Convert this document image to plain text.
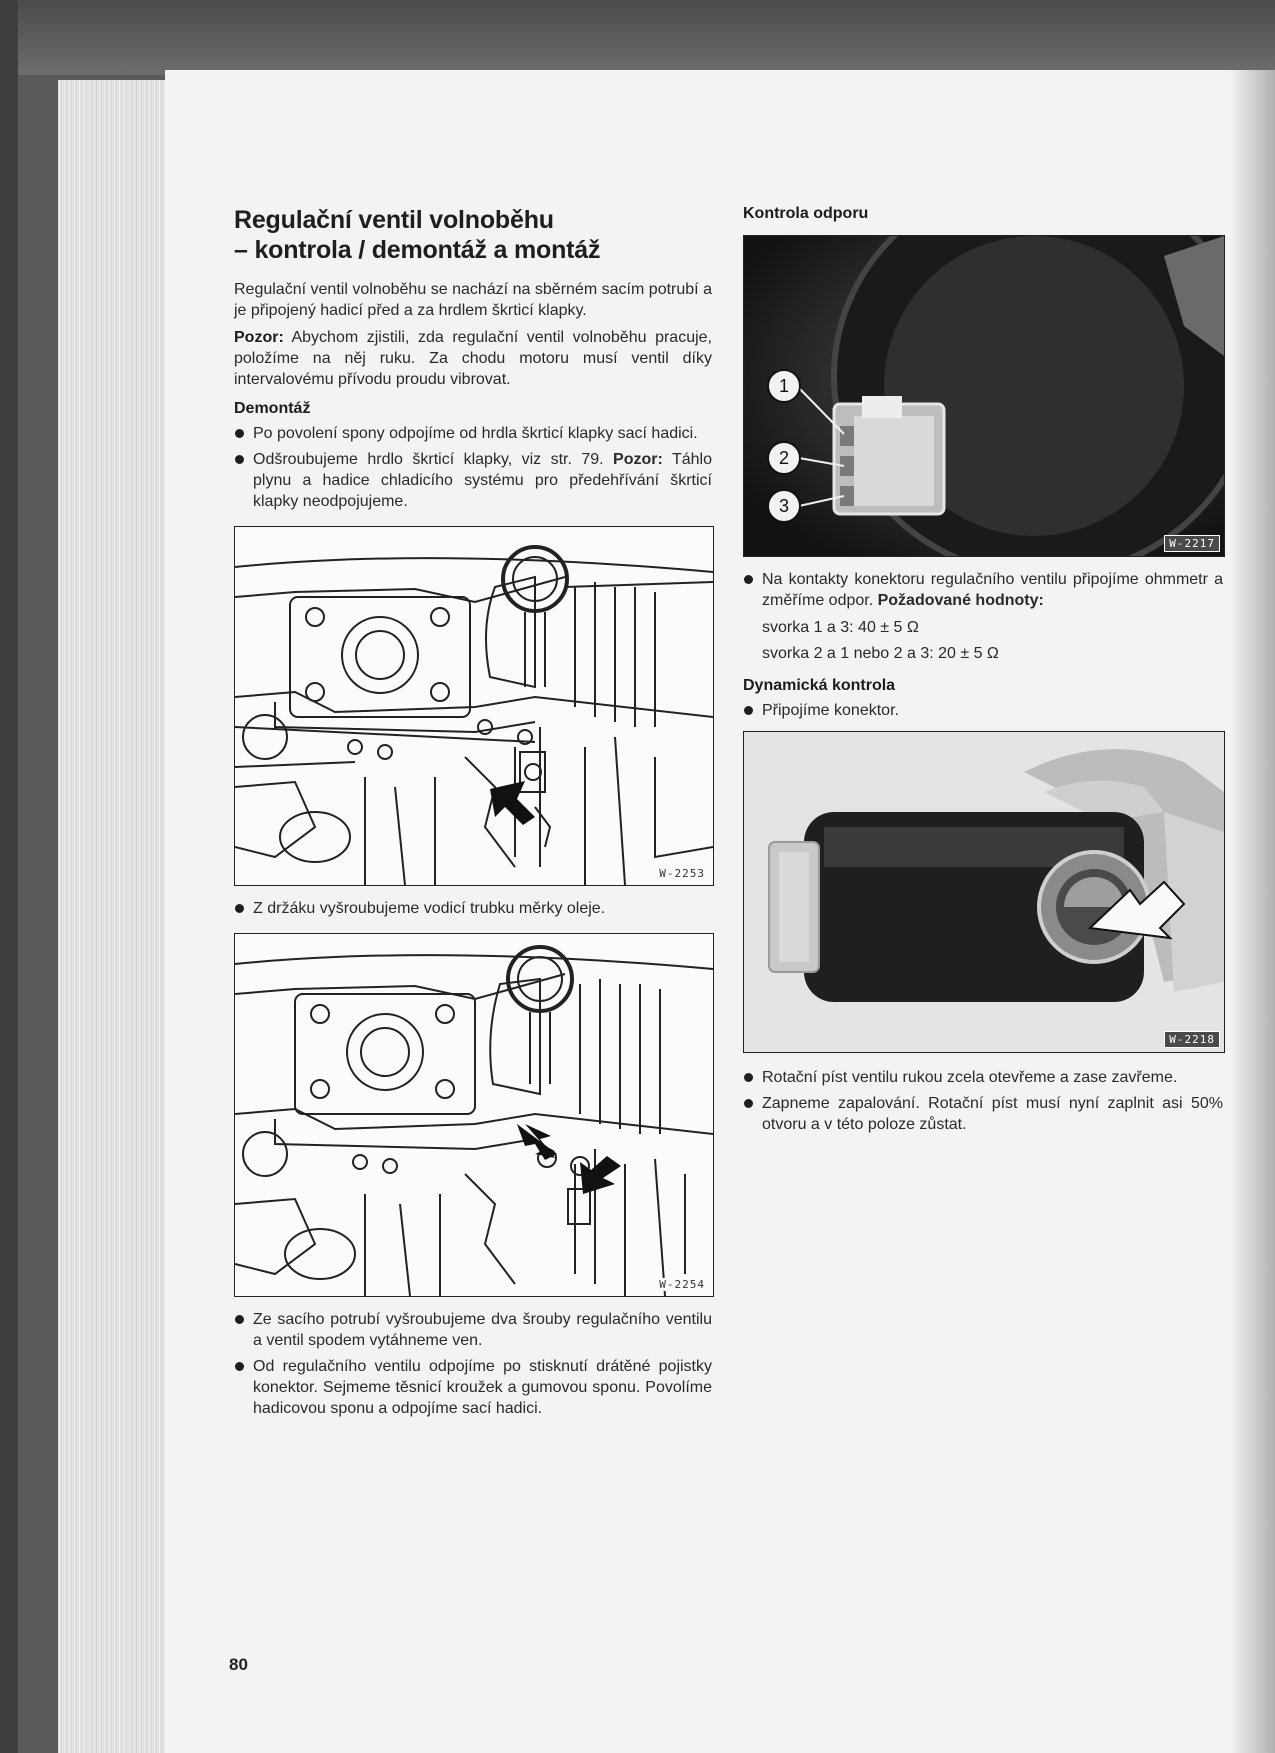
Regulační ventil volnoběhu
– kontrola / demontáž a montáž

Regulační ventil volnoběhu se nachází na sběrném sacím potrubí a je připojený hadicí před a za hrdlem škrticí klapky.

Pozor: Abychom zjistili, zda regulační ventil volnoběhu pracuje, položíme na něj ruku. Za chodu motoru musí ventil díky intervalovému přívodu proudu vibrovat.

Demontáž
Po povolení spony odpojíme od hrdla škrticí klapky sací hadici.
Odšroubujeme hrdlo škrticí klapky, viz str. 79. Pozor: Táhlo plynu a hadice chladicího systému pro předehřívání škrticí klapky neodpojujeme.
W-2253
Z držáku vyšroubujeme vodicí trubku měrky oleje.
W-2254
Ze sacího potrubí vyšroubujeme dva šrouby regulačního ventilu a ventil spodem vytáhneme ven.
Od regulačního ventilu odpojíme po stisknutí drátěné pojistky konektor. Sejmeme těsnicí kroužek a gumovou sponu. Povolíme hadicovou sponu a odpojíme sací hadici.
Kontrola odporu
1
2
3
W-2217
Na kontakty konektoru regulačního ventilu připojíme ohmmetr a změříme odpor. Požadované hodnoty:
svorka 1 a 3: 40 ± 5 Ω
svorka 2 a 1 nebo 2 a 3: 20 ± 5 Ω
Dynamická kontrola
Připojíme konektor.
W-2218
Rotační píst ventilu rukou zcela otevřeme a zase zavřeme.
Zapneme zapalování. Rotační píst musí nyní zaplnit asi 50% otvoru a v této poloze zůstat.
80
